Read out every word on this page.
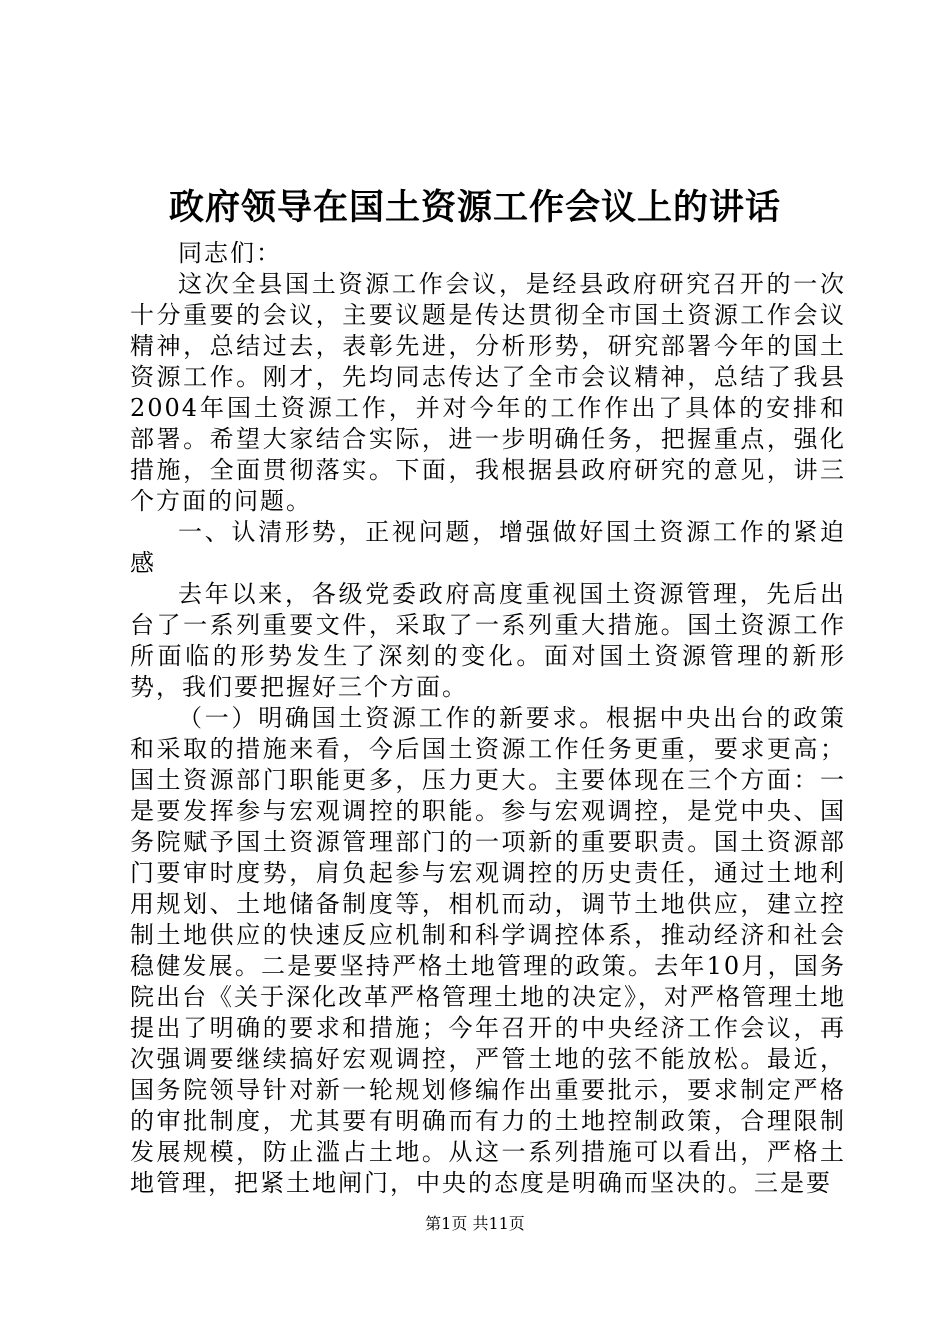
政府领导在国土资源工作会议上的讲话

同志们：

这次全县国土资源工作会议，是经县政府研究召开的一次十分重要的会议，主要议题是传达贯彻全市国土资源工作会议精神，总结过去，表彰先进，分析形势，研究部署今年的国土资源工作。刚才，先均同志传达了全市会议精神，总结了我县2004年国土资源工作，并对今年的工作作出了具体的安排和部署。希望大家结合实际，进一步明确任务，把握重点，强化措施，全面贯彻落实。下面，我根据县政府研究的意见，讲三个方面的问题。

一、认清形势，正视问题，增强做好国土资源工作的紧迫感

去年以来，各级党委政府高度重视国土资源管理，先后出台了一系列重要文件，采取了一系列重大措施。国土资源工作所面临的形势发生了深刻的变化。面对国土资源管理的新形势，我们要把握好三个方面。

（一）明确国土资源工作的新要求。根据中央出台的政策和采取的措施来看，今后国土资源工作任务更重，要求更高；国土资源部门职能更多，压力更大。主要体现在三个方面：一是要发挥参与宏观调控的职能。参与宏观调控，是党中央、国务院赋予国土资源管理部门的一项新的重要职责。国土资源部门要审时度势，肩负起参与宏观调控的历史责任，通过土地利用规划、土地储备制度等，相机而动，调节土地供应，建立控制土地供应的快速反应机制和科学调控体系，推动经济和社会稳健发展。二是要坚持严格土地管理的政策。去年10月，国务院出台《关于深化改革严格管理土地的决定》，对严格管理土地提出了明确的要求和措施；今年召开的中央经济工作会议，再次强调要继续搞好宏观调控，严管土地的弦不能放松。最近，国务院领导针对新一轮规划修编作出重要批示，要求制定严格的审批制度，尤其要有明确而有力的土地控制政策，合理限制发展规模，防止滥占土地。从这一系列措施可以看出，严格土地管理，把紧土地闸门，中央的态度是明确而坚决的。三是要

第1页 共11页
